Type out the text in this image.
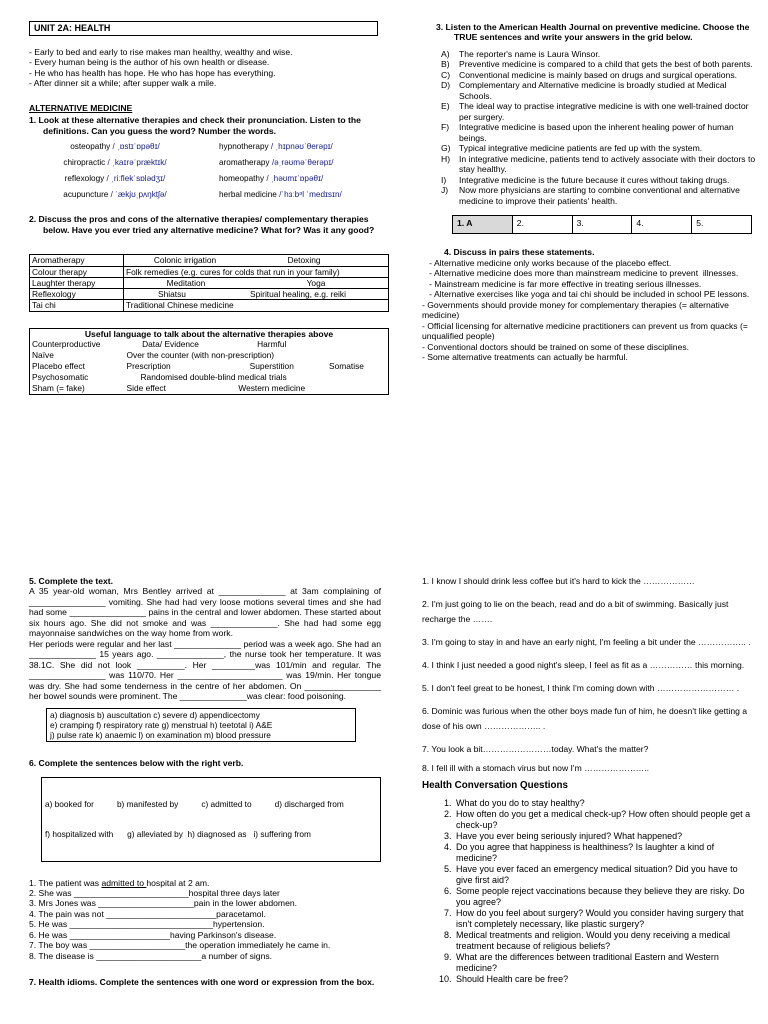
UNIT 2A: HEALTH
- Early to bed and early to rise makes man healthy, wealthy and wise.
- Every human being is the author of his own health or disease.
- He who has health has hope. He who has hope has everything.
- After dinner sit a while; after supper walk a mile.
ALTERNATIVE MEDICINE
1. Look at these alternative therapies and check their pronunciation. Listen to the definitions. Can you guess the word? Number the words.
osteopathy / ˌɒstɪˈɒpəθɪ/	hypnotherapy / ˌhɪpnəʊˈθerəpɪ/
chiropractic / ˌkaɪrəˈpræktɪk/	aromatherapy /əˌrəʊməˈθerəpɪ/
reflexology / ˌriːflekˈsɒlədʒɪ/	homeopathy / ˌhəʊmɪˈɒpəθɪ/
acupuncture / ˈækjʊˌpʌŋktʃə/	herbal medicine /ˈhɜːbᵊl ˈmedɪsɪn/
2. Discuss the pros and cons of the alternative therapies/ complementary therapies below. Have you ever tried any alternative medicine? What for? Was it any good?
Aromatherapy	Colonic irrigation Detoxing
Colour therapy	Folk remedies (e.g. cures for colds that run in your family)
Laughter therapy	Meditation Yoga
Reflexology	Shiatsu Spiritual healing, e.g. reiki
Tai chi	Traditional Chinese medicine
Useful language to talk about the alternative therapies above			
Counterproductive	Data/ Evidence	Harmful	
Naïve	Over the counter (with non-prescription)		
Placebo effect	Prescription	Superstition	Somatise
Psychosomatic	Randomised double-blind medical trials		
Sham (= fake)	Side effect	Western medicine	
3. Listen to the American Health Journal on preventive medicine. Choose the TRUE sentences and write your answers in the grid below.
A) The reporter's name is Laura Winsor.
B) Preventive medicine is compared to a child that gets the best of both parents.
C) Conventional medicine is mainly based on drugs and surgical operations.
D) Complementary and Alternative medicine is broadly studied at Medical Schools.
E) The ideal way to practise integrative medicine is with one well-trained doctor per surgery.
F) Integrative medicine is based upon the inherent healing power of human beings.
G) Typical integrative medicine patients are fed up with the system.
H) In integrative medicine, patients tend to actively associate with their doctors to stay healthy.
I) Integrative medicine is the future because it cures without taking drugs.
J) Now more physicians are starting to combine conventional and alternative medicine to improve their patients' health.
1. A	2.	3.	4.	5.
4. Discuss in pairs these statements.
- Alternative medicine only works because of the placebo effect.
- Alternative medicine does more than mainstream medicine to prevent  illnesses.
- Mainstream medicine is far more effective in treating serious illnesses.
- Alternative exercises like yoga and tai chi should be included in school PE lessons.
- Governments should provide money for complementary therapies (= alternative medicine)
- Official licensing for alternative medicine practitioners can prevent us from quacks (= unqualified people)
- Conventional doctors should be trained on some of these disciplines.
- Some alternative treatments can actually be harmful.
5. Complete the text.
A 35 year-old woman, Mrs Bentley arrived at ______________ at 3am complaining of ________________ vomiting. She had had very loose motions several times and she had had some ________________ pains in the central and lower abdomen. These started about six hours ago. She did not smoke and was ______________. She had had some egg mayonnaise sandwiches on the way home from work.
Her periods were regular and her last ______________ period was a week ago. She had an ______________ 15 years ago. ______________, the nurse took her temperature. It was 38.1C. She did not look __________. Her _________was 101/min and regular. The ________________ was 110/70. Her ______________________ was 19/min. Her tongue was dry. She had some tenderness in the centre of her abdomen. On ________________ her bowel sounds were prominent. The ______________was clear: food poisoning.
a) diagnosis b) auscultation c) severe d) appendicectomy
e) cramping f) respiratory rate g) menstrual h) teetotal i) A&E
j) pulse rate k) anaemic l) on examination m) blood pressure
6. Complete the sentences below with the right verb.

a) booked for          b) manifested by          c) admitted to          d) discharged from

f) hospitalized with      g) alleviated by  h) diagnosed as   i) suffering from

1. The patient was admitted to hospital at 2 am.
2. She was ________________________hospital three days later
3. Mrs Jones was ____________________pain in the lower abdomen.
4. The pain was not _______________________paracetamol.
5. He was ______________________________hypertension.
6. He was _____________________having Parkinson's disease.
7. The boy was ____________________the operation immediately he came in.
8. The disease is ______________________a number of signs.
7. Health idioms. Complete the sentences with one word or expression from the box.
1. I know I should drink less coffee but it's hard to kick the ………………
2. I'm just going to lie on the beach, read and do a bit of swimming. Basically just recharge the …….
3. I'm going to stay in and have an early night, I'm feeling a bit under the …………….. .
4. I think I just needed a good night's sleep, I feel as fit as a …………… this morning.
5. I don't feel great to be honest, I think I'm coming down with ……………………… .
6. Dominic was furious when the other boys made fun of him, he doesn't like getting a dose of his own ……………….. .
7. You look a bit……………………today. What's the matter?
8. I fell ill with a stomach virus but now I'm …………………..
Health Conversation Questions
1. What do you do to stay healthy?
2. How often do you get a medical check-up? How often should people get a check-up?
3. Have you ever being seriously injured? What happened?
4. Do you agree that happiness is healthiness? Is laughter a kind of medicine?
5. Have you ever faced an emergency medical situation? Did you have to give first aid?
6. Some people reject vaccinations because they believe they are risky. Do you agree?
7. How do you feel about surgery? Would you consider having surgery that isn't completely necessary, like plastic surgery?
8. Medical treatments and religion. Would you deny receiving a medical treatment because of religious beliefs?
9. What are the differences between traditional Eastern and Western medicine?
10. Should Health care be free?
